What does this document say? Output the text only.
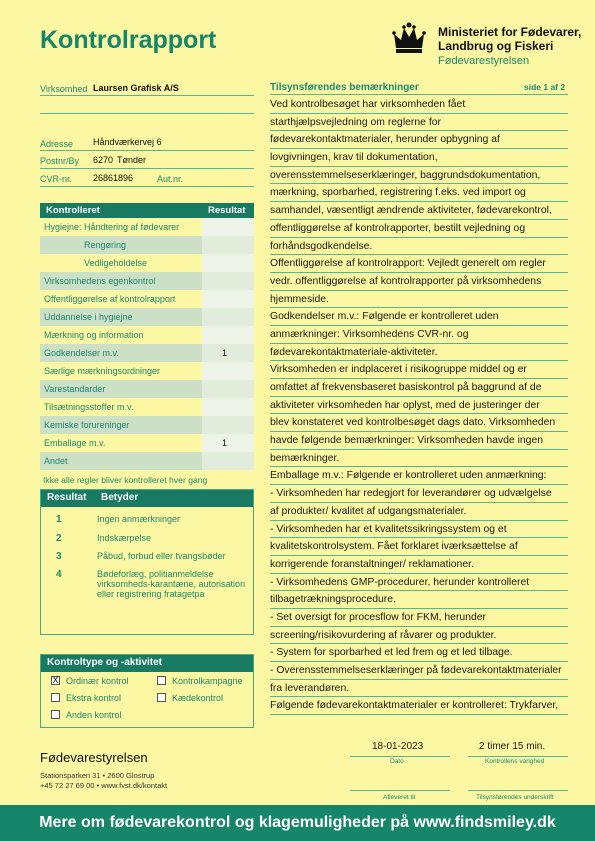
Kontrolrapport	Ministeriet for Fødevarer,
Landbrug og Fiskeri
Fødevarestyrelsen
Virksomhed Laursen Grafisk A/S
Adresse Håndværkervej 6
Postnr/By 6270 Tønder
CVR-nr. 26861896	Aut.nr.
Kontrolleret	Resultat
Hygiejne: Håndtering af fødevarer
Rengøring
Vedligeholdelse
Virksomhedens egenkontrol
Offentliggørelse af kontrolrapport
Uddannelse i hygiejne
Mærkning og information
Godkendelser m.v.	1
Særlige mærkningsordninger
Varestandarder
Tilsætningsstoffer m.v.
Kemiske forureninger
Emballage m.v.	1
Andet
Ikke alle regler bliver kontrolleret hver gang
Resultat Betyder
1	Ingen anmærkninger
2	Indskærpelse
3	Påbud, forbud eller tvangsbøder
4	Bødeforlæg, politianmeldelse virksomheds-karantæne, autorisation eller registrering fratagetpa
Kontroltype og -aktivitet
X Ordinær kontrol	Kontrolkampagne
Ekstra kontrol	Kædekontrol
Anden kontrol
Tilsynsførendes bemærkninger	side 1 af 2
Ved kontrolbesøget har virksomheden fået
starthjælpsvejledning om reglerne for
fødevarekontaktmaterialer, herunder opbygning af
lovgivningen, krav til dokumentation,
overensstemmelseserklæringer, baggrundsdokumentation,
mærkning, sporbarhed, registrering f.eks. ved import og
samhandel, væsentligt ændrende aktiviteter, fødevarekontrol,
offentliggørelse af kontrolrapporter, bestilt vejledning og
forhåndsgodkendelse.
Offentliggørelse af kontrolrapport: Vejledt generelt om regler
vedr. offentliggørelse af kontrolrapporter på virksomhedens
hjemmeside.
Godkendelser m.v.: Følgende er kontrolleret uden
anmærkninger: Virksomhedens CVR-nr. og
fødevarekontaktmateriale-aktiviteter.
Virksomheden er indplaceret i risikogruppe middel og er
omfattet af frekvensbaseret basiskontrol på baggrund af de
aktiviteter virksomheden har oplyst, med de justeringer der
blev konstateret ved kontrolbesøget dags dato. Virksomheden
havde følgende bemærkninger: Virksomheden havde ingen
bemærkninger.
Emballage m.v.: Følgende er kontrolleret uden anmærkning:
- Virksomheden har redegjort for leverandører og udvælgelse
af produkter/ kvalitet af udgangsmaterialer.
- Virksomheden har et kvalitetssikringssystem og et
kvalitetskontrolsystem. Fået forklaret iværksættelse af
korrigerende foranstaltninger/ reklamationer.
- Virksomhedens GMP-procedurer, herunder kontrolleret
tilbagetrækningsprocedure.
- Set oversigt for procesflow for FKM, herunder
screening/risikovurdering af råvarer og produkter.
- System for sporbarhed et led frem og et led tilbage.
- Overensstemmelseserklæringer på fødevarekontaktmaterialer
fra leverandøren.
Følgende fødevarekontaktmaterialer er kontrolleret: Trykfarver,
18-01-2023	2 timer 15 min.
Dato	Kontrollens varighed
Afleveret til	Tilsynsførendes underskrift
Fødevarestyrelsen
Stationsparken 31 • 2600 Glostrup
+45 72 27 69 00 • www.fvst.dk/kontakt
Mere om fødevarekontrol og klagemuligheder på www.findsmiley.dk
